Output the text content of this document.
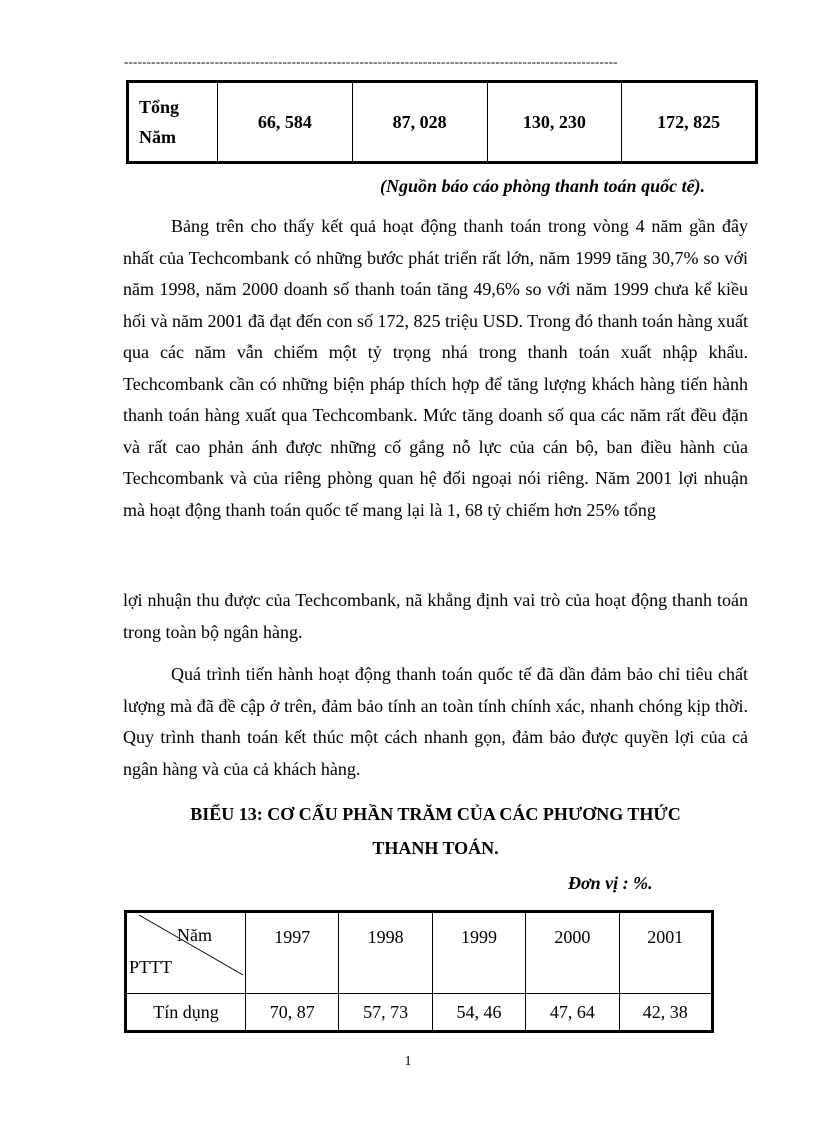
-------------------------------------------------------------------------------------------------------------
Tổng
Năm	66, 584	87, 028	130, 230	172, 825
(Nguồn báo cáo phòng thanh toán quốc tế).

Bảng trên cho thấy kết quả hoạt động thanh toán trong vòng 4 năm gần đây nhất của Techcombank có những bước phát triển rất lớn, năm 1999 tăng 30,7% so với năm 1998, năm 2000 doanh số thanh toán tăng 49,6% so với năm 1999 chưa kể kiều hối và năm 2001 đã đạt đến con số 172, 825 triệu USD. Trong đó thanh toán hàng xuất qua các năm vẫn chiếm một tỷ trọng nhá trong thanh toán xuất nhập khẩu. Techcombank cần có những biện pháp thích hợp để tăng lượng khách hàng tiến hành thanh toán hàng xuất qua Techcombank. Mức tăng doanh số qua các năm rất đều đặn và rất cao phản ánh được những cố gắng nỗ lực của cán bộ, ban điều hành của Techcombank và của riêng phòng quan hệ đối ngoại nói riêng. Năm 2001 lợi nhuận mà hoạt động thanh toán quốc tế mang lại là 1, 68 tỷ chiếm hơn 25% tổng

lợi nhuận thu được của Techcombank, nã khẳng định vai trò của hoạt động thanh toán trong toàn bộ ngân hàng.

Quá trình tiến hành hoạt động thanh toán quốc tế đã dần đảm bảo chỉ tiêu chất lượng mà đã đề cập ở trên, đảm bảo tính an toàn tính chính xác, nhanh chóng kịp thời. Quy trình thanh toán kết thúc một cách nhanh gọn, đảm bảo được quyền lợi của cả ngân hàng và của cả khách hàng.

BIỂU 13: CƠ CẤU PHẦN TRĂM CỦA CÁC PHƯƠNG THỨC
THANH TOÁN.
Đơn vị : %.
Năm
PTTT	1997	1998	1999	2000	2001
Tín dụng	70, 87	57, 73	54, 46	47, 64	42, 38
1
